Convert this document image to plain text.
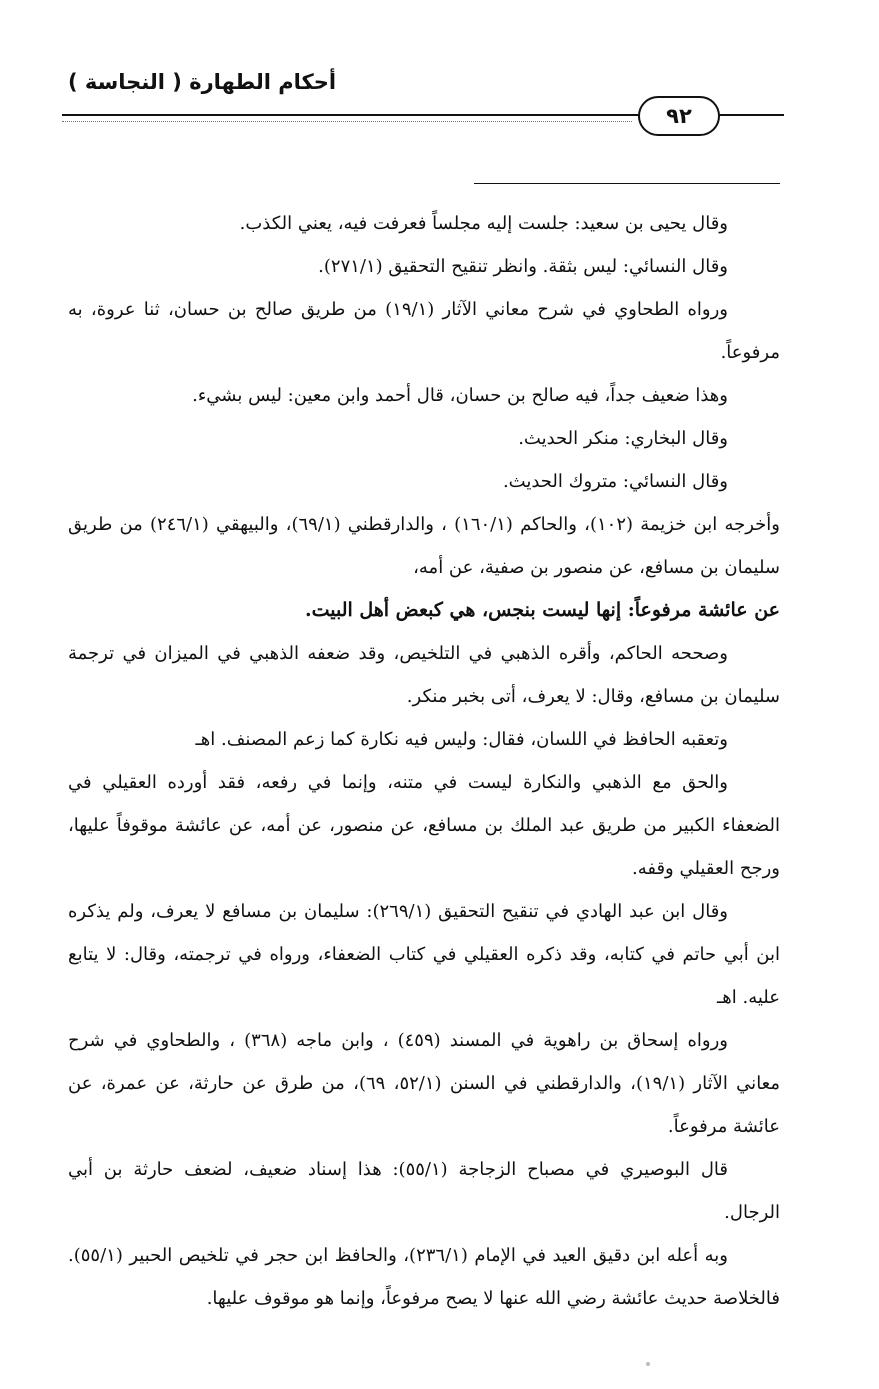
أحكام الطهارة ( النجاسة )
٩٢

وقال يحيى بن سعيد: جلست إليه مجلساً فعرفت فيه، يعني الكذب.

وقال النسائي: ليس بثقة. وانظر تنقيح التحقيق (٢٧١/١).

ورواه الطحاوي في شرح معاني الآثار (١٩/١) من طريق صالح بن حسان، ثنا عروة، به مرفوعاً.

وهذا ضعيف جداً، فيه صالح بن حسان، قال أحمد وابن معين: ليس بشيء.

وقال البخاري: منكر الحديث.

وقال النسائي: متروك الحديث.

وأخرجه ابن خزيمة (١٠٢)، والحاكم (١٦٠/١) ، والدارقطني (٦٩/١)، والبيهقي (٢٤٦/١) من طريق سليمان بن مسافع، عن منصور بن صفية، عن أمه،

عن عائشة مرفوعاً: إنها ليست بنجس، هي كبعض أهل البيت.

وصححه الحاكم، وأقره الذهبي في التلخيص، وقد ضعفه الذهبي في الميزان في ترجمة سليمان بن مسافع، وقال: لا يعرف، أتى بخبر منكر.

وتعقبه الحافظ في اللسان، فقال: وليس فيه نكارة كما زعم المصنف. اهـ

والحق مع الذهبي والنكارة ليست في متنه، وإنما في رفعه، فقد أورده العقيلي في الضعفاء الكبير من طريق عبد الملك بن مسافع، عن منصور، عن أمه، عن عائشة موقوفاً عليها، ورجح العقيلي وقفه.

وقال ابن عبد الهادي في تنقيح التحقيق (٢٦٩/١): سليمان بن مسافع لا يعرف، ولم يذكره ابن أبي حاتم في كتابه، وقد ذكره العقيلي في كتاب الضعفاء، ورواه في ترجمته، وقال: لا يتابع عليه. اهـ

ورواه إسحاق بن راهوية في المسند (٤٥٩) ، وابن ماجه (٣٦٨) ، والطحاوي في شرح معاني الآثار (١٩/١)، والدارقطني في السنن (٥٢/١، ٦٩)، من طرق عن حارثة، عن عمرة، عن عائشة مرفوعاً.

قال البوصيري في مصباح الزجاجة (٥٥/١): هذا إسناد ضعيف، لضعف حارثة بن أبي الرجال.

وبه أعله ابن دقيق العيد في الإمام (٢٣٦/١)، والحافظ ابن حجر في تلخيص الحبير (٥٥/١). فالخلاصة حديث عائشة رضي الله عنها لا يصح مرفوعاً، وإنما هو موقوف عليها.
